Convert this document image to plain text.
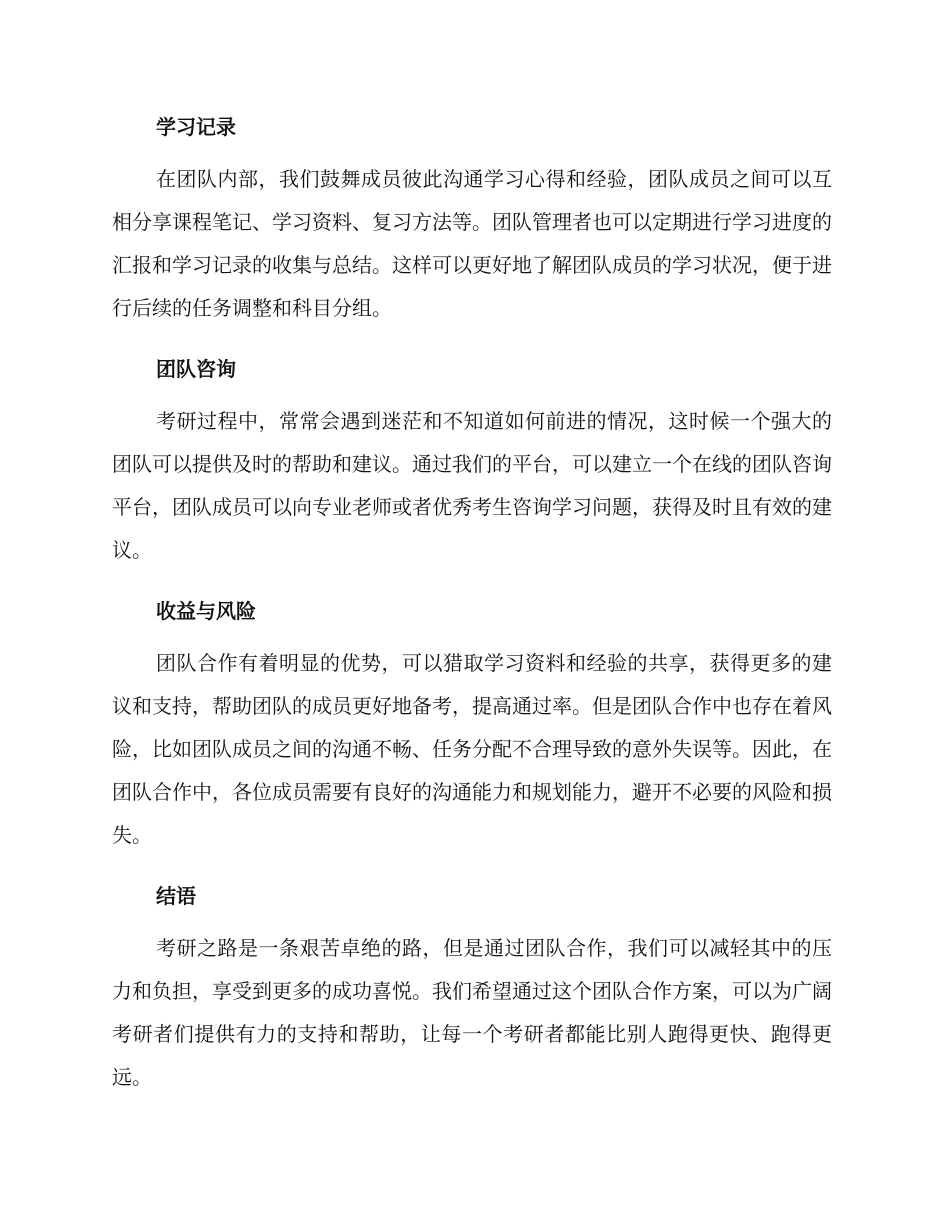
学习记录

在团队内部，我们鼓舞成员彼此沟通学习心得和经验，团队成员之间可以互相分享课程笔记、学习资料、复习方法等。团队管理者也可以定期进行学习进度的汇报和学习记录的收集与总结。这样可以更好地了解团队成员的学习状况，便于进行后续的任务调整和科目分组。

团队咨询

考研过程中，常常会遇到迷茫和不知道如何前进的情况，这时候一个强大的团队可以提供及时的帮助和建议。通过我们的平台，可以建立一个在线的团队咨询平台，团队成员可以向专业老师或者优秀考生咨询学习问题，获得及时且有效的建议。

收益与风险

团队合作有着明显的优势，可以猎取学习资料和经验的共享，获得更多的建议和支持，帮助团队的成员更好地备考，提高通过率。但是团队合作中也存在着风险，比如团队成员之间的沟通不畅、任务分配不合理导致的意外失误等。因此，在团队合作中，各位成员需要有良好的沟通能力和规划能力，避开不必要的风险和损失。

结语

考研之路是一条艰苦卓绝的路，但是通过团队合作，我们可以减轻其中的压力和负担，享受到更多的成功喜悦。我们希望通过这个团队合作方案，可以为广阔考研者们提供有力的支持和帮助，让每一个考研者都能比别人跑得更快、跑得更远。
